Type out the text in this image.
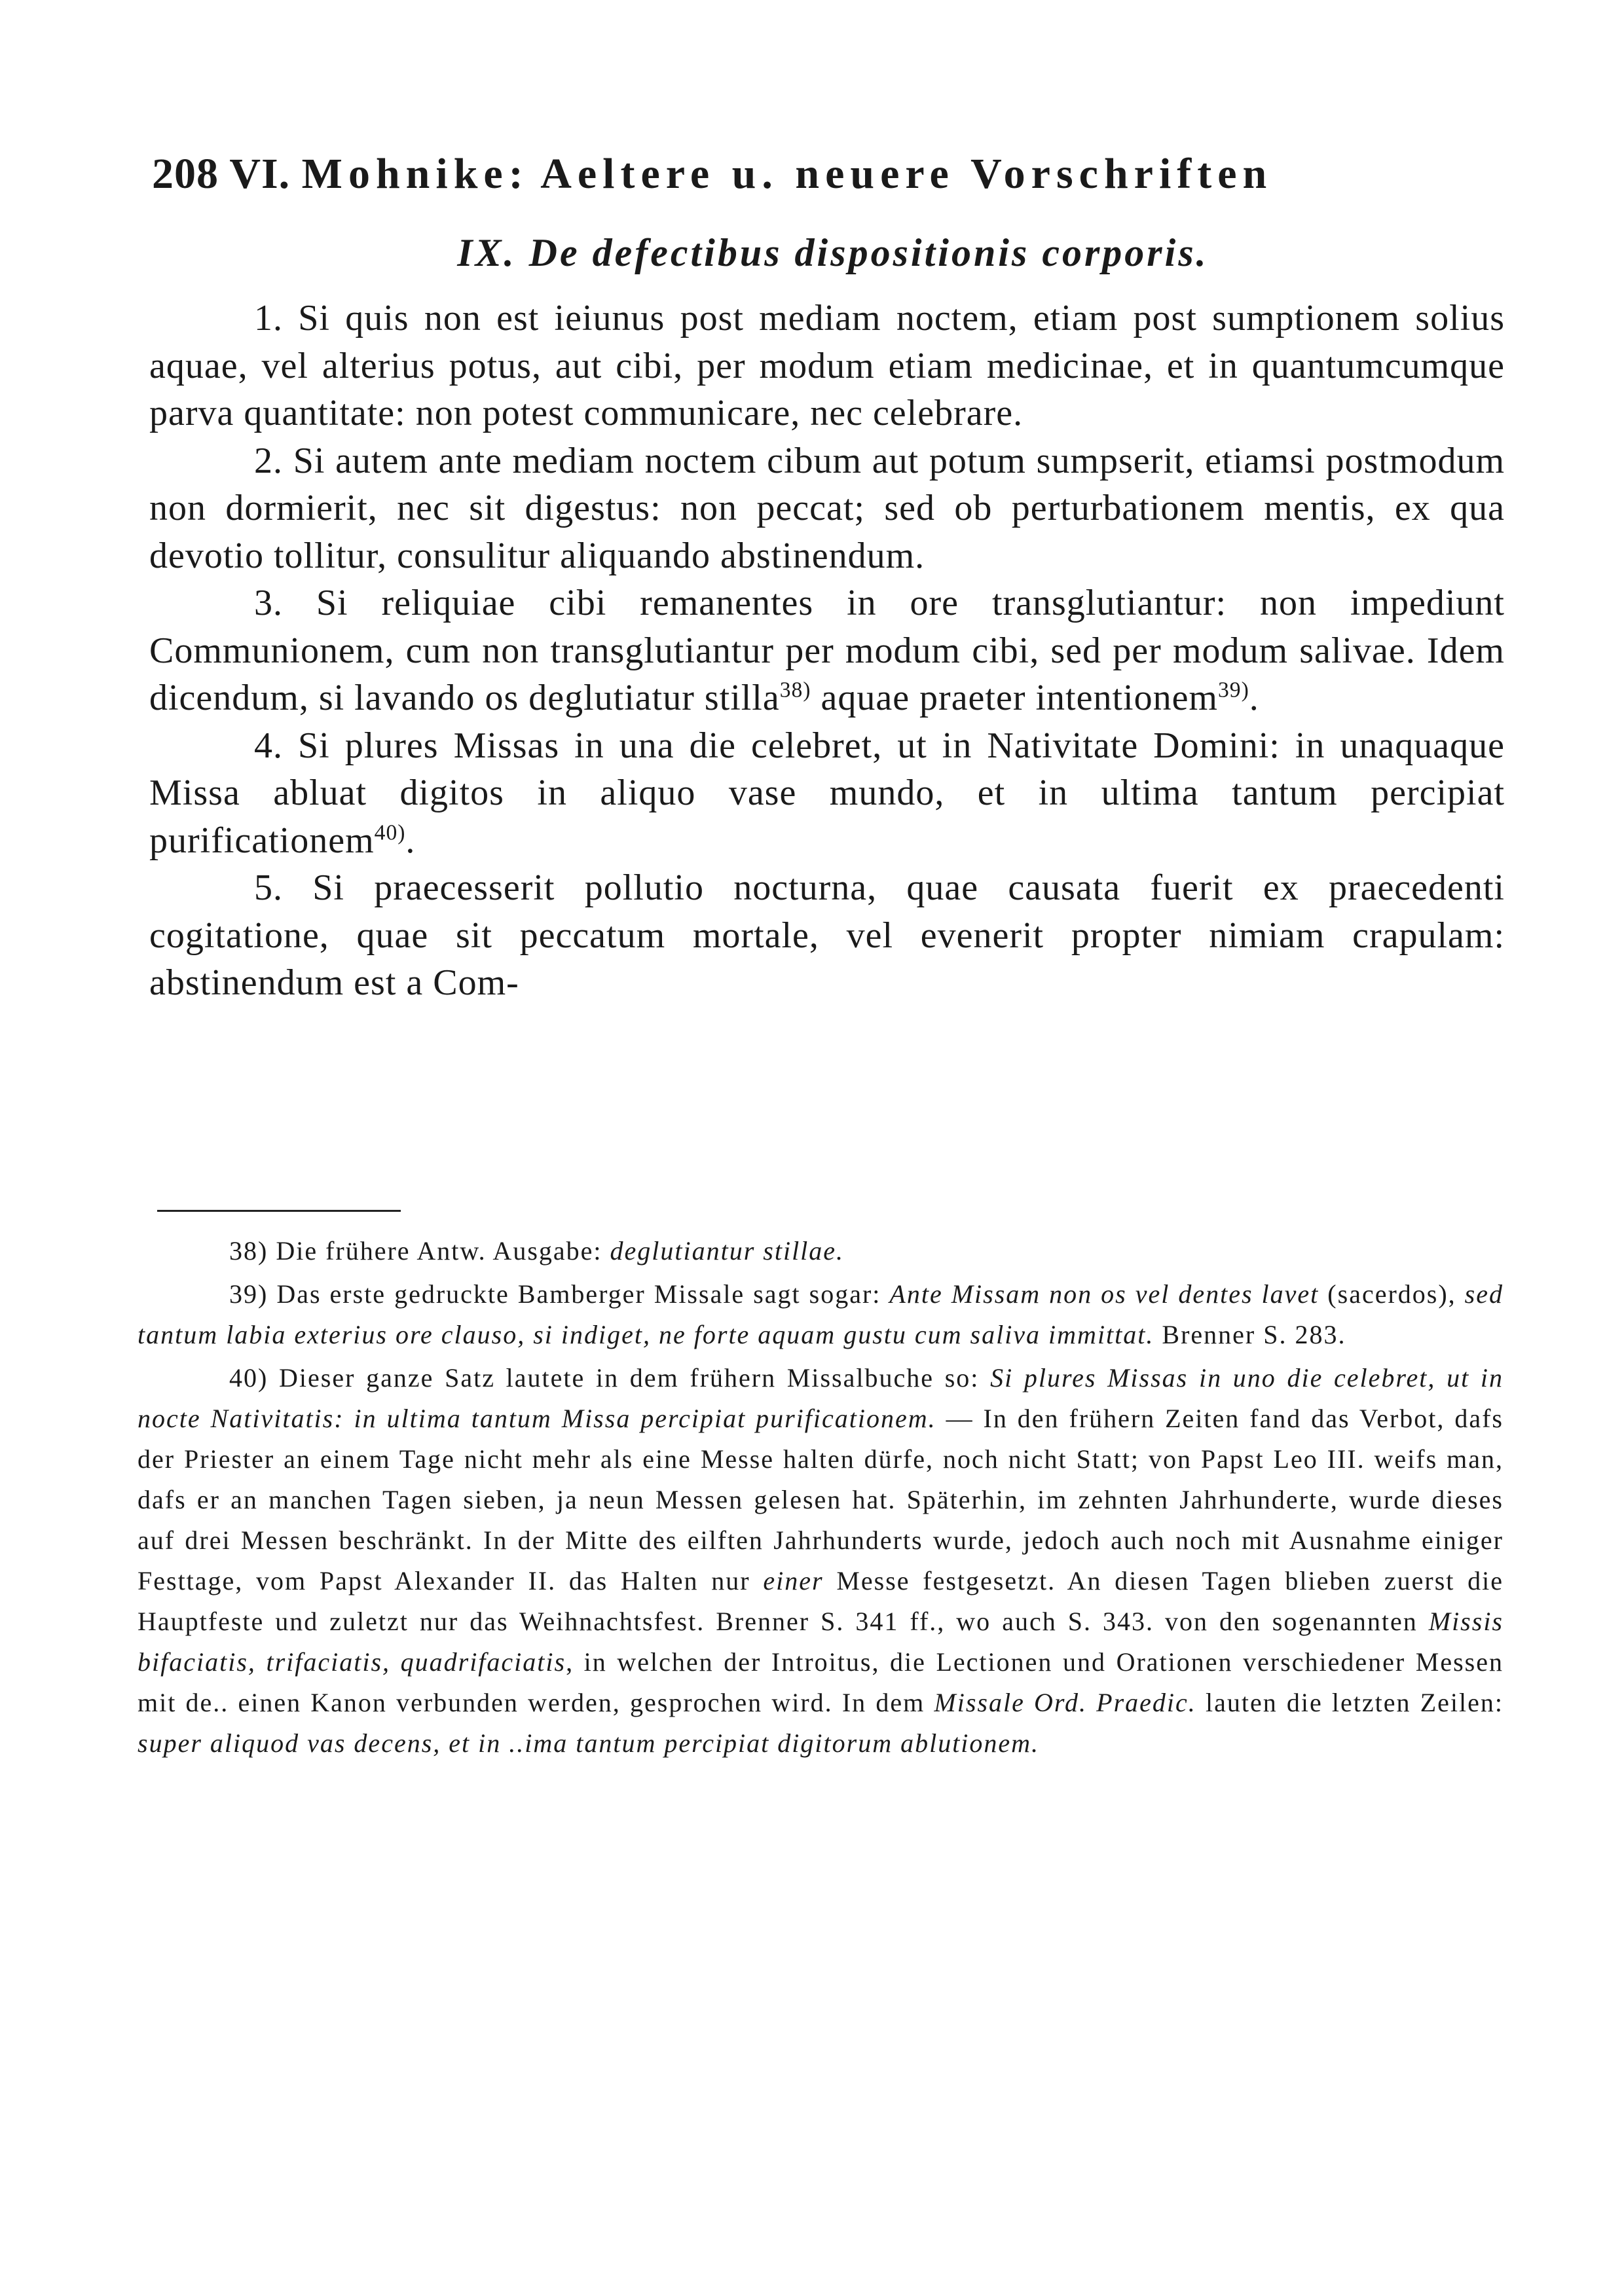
208 VI. Mohnike: Aeltere u. neuere Vorschriften
IX. De defectibus dispositionis corporis.

1. Si quis non est ieiunus post mediam noctem, etiam post sumptionem solius aquae, vel alterius potus, aut cibi, per modum etiam medicinae, et in quantumcumque parva quantitate: non potest communicare, nec celebrare.

2. Si autem ante mediam noctem cibum aut potum sumpserit, etiamsi postmodum non dormierit, nec sit digestus: non peccat; sed ob perturbationem mentis, ex qua devotio tollitur, consulitur aliquando abstinendum.

3. Si reliquiae cibi remanentes in ore transglutiantur: non impediunt Communionem, cum non transglutiantur per modum cibi, sed per modum salivae. Idem dicendum, si lavando os deglutiatur stilla$^{38)}$ aquae praeter intentionem$^{39)}$.

4. Si plures Missas in una die celebret, ut in Nativitate Domini: in unaquaque Missa abluat digitos in aliquo vase mundo, et in ultima tantum percipiat purificationem$^{40)}$.

5. Si praecesserit pollutio nocturna, quae causata fuerit ex praecedenti cogitatione, quae sit peccatum mortale, vel evenerit propter nimiam crapulam: abstinendum est a Com-

38) Die frühere Antw. Ausgabe: deglutiantur stillae.

39) Das erste gedruckte Bamberger Missale sagt sogar: Ante Missam non os vel dentes lavet (sacerdos), sed tantum labia exterius ore clauso, si indiget, ne forte aquam gustu cum saliva immittat. Brenner S. 283.

40) Dieser ganze Satz lautete in dem frühern Missalbuche so: Si plures Missas in uno die celebret, ut in nocte Nativitatis: in ultima tantum Missa percipiat purificationem. — In den frühern Zeiten fand das Verbot, dafs der Priester an einem Tage nicht mehr als eine Messe halten dürfe, noch nicht Statt; von Papst Leo III. weifs man, dafs er an manchen Tagen sieben, ja neun Messen gelesen hat. Späterhin, im zehnten Jahrhunderte, wurde dieses auf drei Messen beschränkt. In der Mitte des eilften Jahrhunderts wurde, jedoch auch noch mit Ausnahme einiger Festtage, vom Papst Alexander II. das Halten nur einer Messe festgesetzt. An diesen Tagen blieben zuerst die Hauptfeste und zuletzt nur das Weihnachtsfest. Brenner S. 341 ff., wo auch S. 343. von den sogenannten Missis bifaciatis, trifaciatis, quadrifaciatis, in welchen der Introitus, die Lectionen und Orationen verschiedener Messen mit de.. einen Kanon verbunden werden, gesprochen wird. In dem Missale Ord. Praedic. lauten die letzten Zeilen: super aliquod vas decens, et in ..ima tantum percipiat digitorum ablutionem.
